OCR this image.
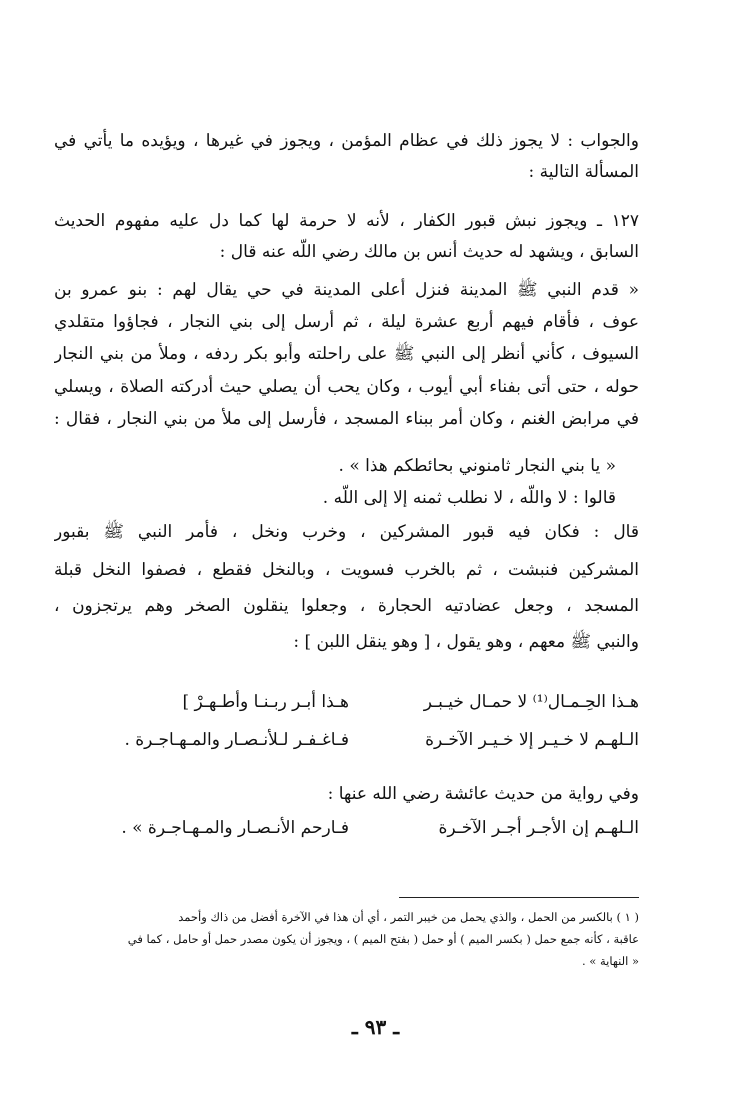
والجواب : لا يجوز ذلك في عظام المؤمن ، ويجوز في غيرها ، ويؤيده ما يأتي في
المسألة التالية :
١٢٧ ـ ويجوز نبش قبور الكفار ، لأنه لا حرمة لها كما دل عليه مفهوم الحديث
السابق ، ويشهد له حديث أنس بن مالك رضي اللّه عنه قال :
« قدم النبي ﷺ المدينة فنزل أعلى المدينة في حي يقال لهم : بنو عمرو بن
عوف ، فأقام فيهم أربع عشرة ليلة ، ثم أرسل إلى بني النجار ، فجاؤوا متقلدي
السيوف ، كأني أنظر إلى النبي ﷺ على راحلته وأبو بكر ردفه ، وملأ من بني النجار
حوله ، حتى أتى بفناء أبي أيوب ، وكان يحب أن يصلي حيث أدركته الصلاة ، ويسلي
في مرابض الغنم ، وكان أمر ببناء المسجد ، فأرسل إلى ملأ من بني النجار ، فقال :
« يا بني النجار ثامنوني بحائطكم هذا » .
قالوا : لا واللّه ، لا نطلب ثمنه إلا إلى اللّه .
قال : فكان فيه قبور المشركين ، وخرب ونخل ، فأمر النبي ﷺ بقبور
المشركين فنبشت ، ثم بالخرب فسويت ، وبالنخل فقطع ، فصفوا النخل قبلة
المسجد ، وجعل عضادتيه الحجارة ، وجعلوا ينقلون الصخر وهم يرتجزون ،
والنبي ﷺ معهم ، وهو يقول ، [ وهو ينقل اللبن ] :
هـذا الحِـمـال⁽¹⁾ لا حمـال خيـبـر
هـذا أبـر ربـنـا وأطـهـرْ ]
الـلهـم لا خـيـر إلا خـيـر الآخـرة
فـاغـفـر لـلأنـصـار والمـهـاجـرة .
وفي رواية من حديث عائشة رضي الله عنها :
الـلهـم إن الأجـر أجـر الآخـرة
فـارحم الأنـصـار والمـهـاجـرة » .
( ١ ) بالكسر من الحمل ، والذي يحمل من خيبر التمر ، أي أن هذا في الآخرة أفضل من ذاك وأحمد
عاقبة ، كأنه جمع حمل ( بكسر الميم ) أو حمل ( بفتح الميم ) ، ويجوز أن يكون مصدر حمل أو حامل ، كما في
« النهاية » .
ـ ٩٣ ـ
